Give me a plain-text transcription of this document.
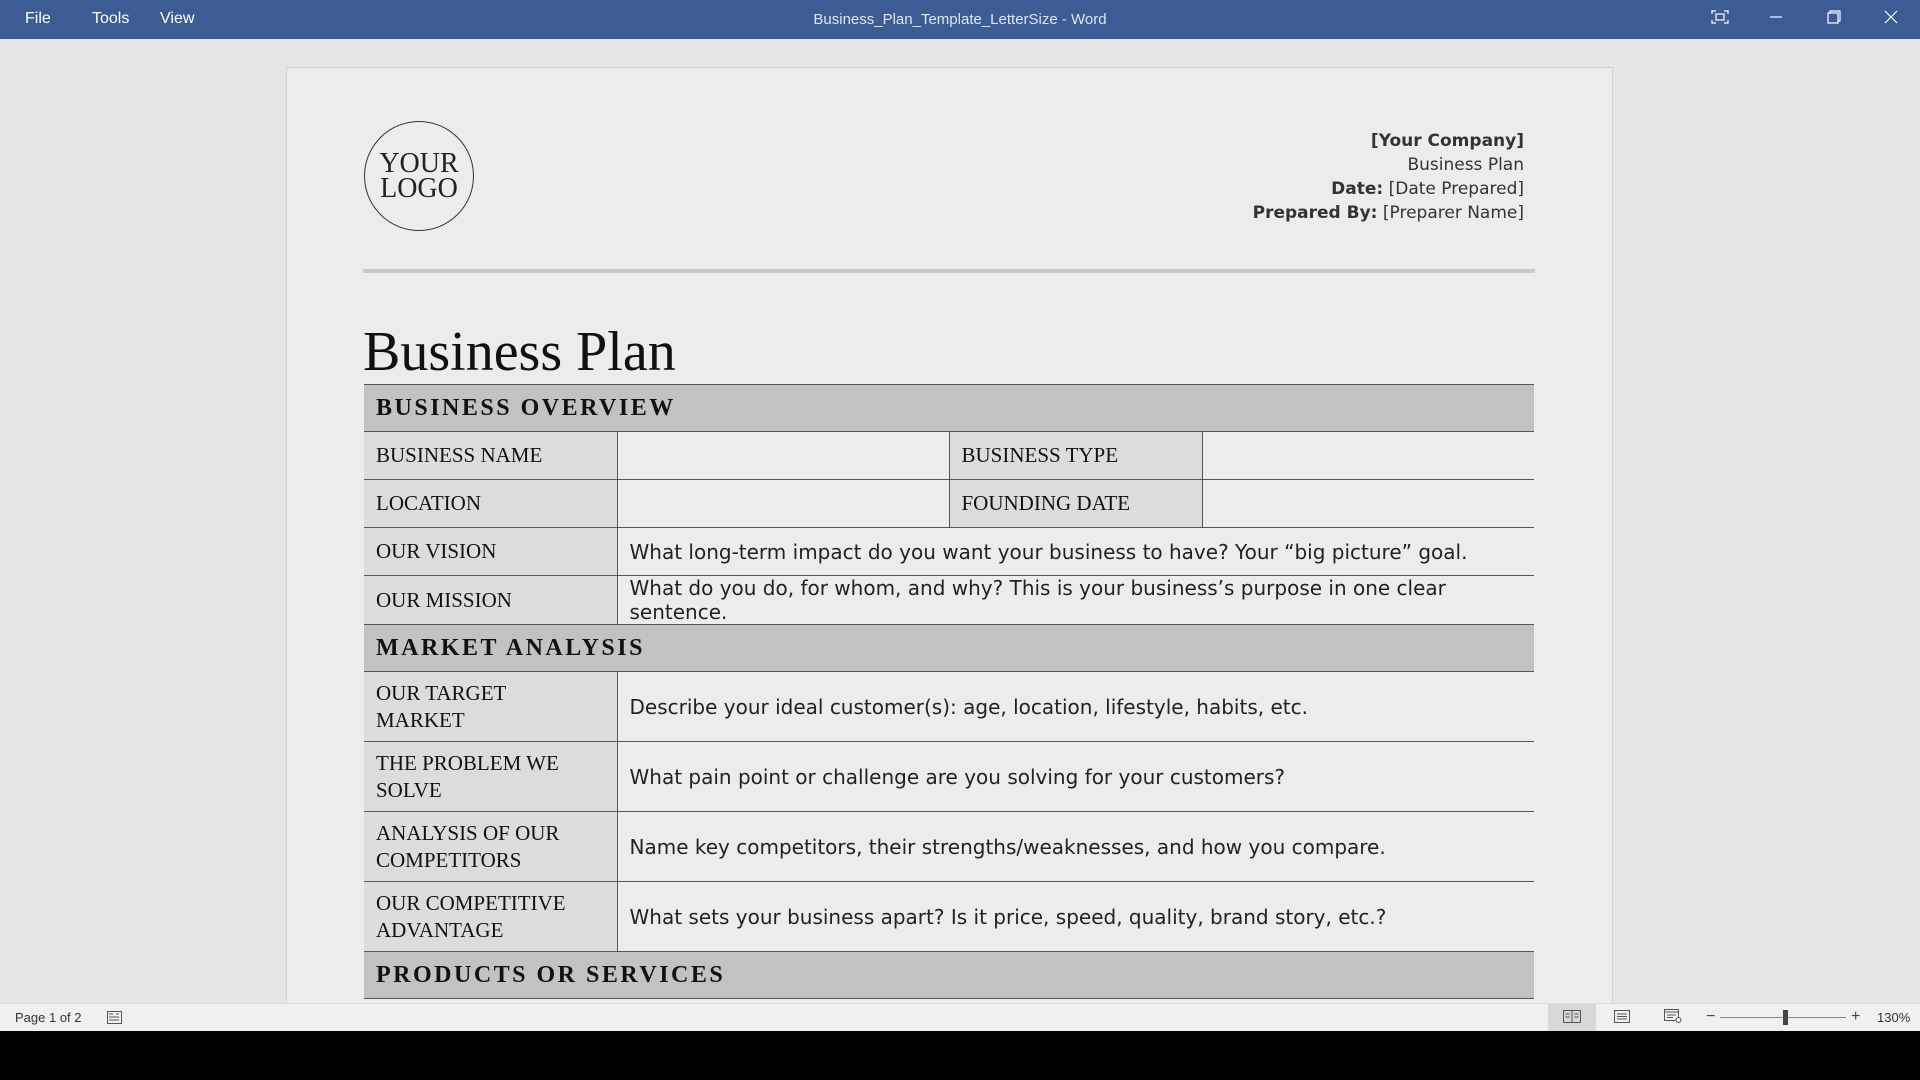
File	Tools View	Business_Plan_Template_LetterSize - Word
YOUR
LOGO
[Your Company]
Business Plan
Date: [Date Prepared]
Prepared By: [Preparer Name]
Business Plan
BUSINESS OVERVIEW			
BUSINESS NAME		BUSINESS TYPE	
LOCATION		FOUNDING DATE	
OUR VISION	What long-term impact do you want your business to have? Your “big picture” goal.		
OUR MISSION	What do you do, for whom, and why? This is your business’s purpose in one clear sentence.		
MARKET ANALYSIS			

OUR TARGET
MARKET	Describe your ideal customer(s): age, location, lifestyle, habits, etc.		

THE PROBLEM WE
SOLVE	What pain point or challenge are you solving for your customers?		

ANALYSIS OF OUR
COMPETITORS	Name key competitors, their strengths/weaknesses, and how you compare.		

OUR COMPETITIVE
ADVANTAGE	What sets your business apart? Is it price, speed, quality, brand story, etc.?		
PRODUCTS OR SERVICES			
Page 1 of 2	−	+ 130%
